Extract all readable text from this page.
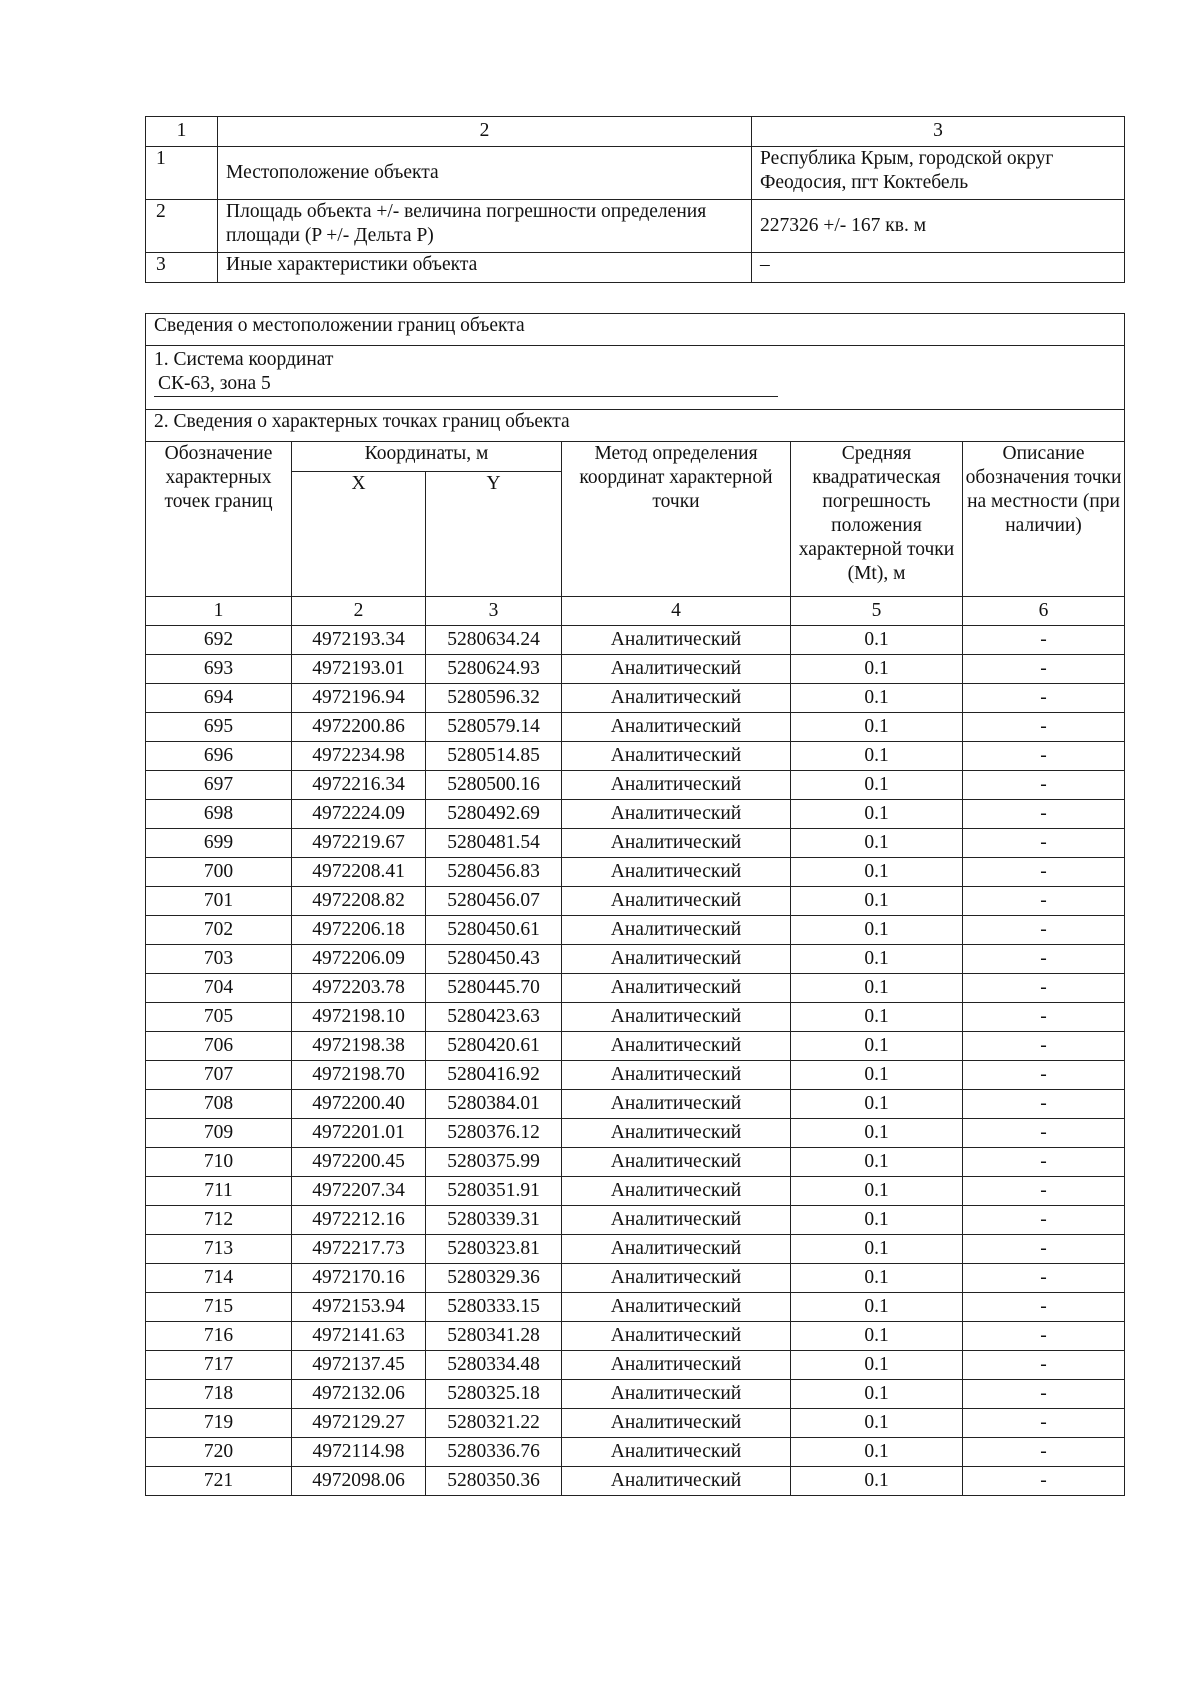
1	2	3
1	Местоположение объекта	Республика Крым, городской округ Феодосия, пгт Коктебель
2	Площадь объекта +/- величина погрешности определения площади (P +/- Дельта P)	227326 +/- 167 кв. м
3	Иные характеристики объекта	–
Сведения о местоположении границ объекта					
1. Система координатСК-63, зона 5					
2. Сведения о характерных точках границ объекта					
Обозначение характерных точек границ	Координаты, м		Метод определения координат характерной точки	Средняя квадратическая погрешность положения характерной точки (Mt), м	Описание обозначения точки на местности (при наличии)
	X	Y			
1	2	3	4	5	6
692	4972193.34	5280634.24	Аналитический	0.1	-
693	4972193.01	5280624.93	Аналитический	0.1	-
694	4972196.94	5280596.32	Аналитический	0.1	-
695	4972200.86	5280579.14	Аналитический	0.1	-
696	4972234.98	5280514.85	Аналитический	0.1	-
697	4972216.34	5280500.16	Аналитический	0.1	-
698	4972224.09	5280492.69	Аналитический	0.1	-
699	4972219.67	5280481.54	Аналитический	0.1	-
700	4972208.41	5280456.83	Аналитический	0.1	-
701	4972208.82	5280456.07	Аналитический	0.1	-
702	4972206.18	5280450.61	Аналитический	0.1	-
703	4972206.09	5280450.43	Аналитический	0.1	-
704	4972203.78	5280445.70	Аналитический	0.1	-
705	4972198.10	5280423.63	Аналитический	0.1	-
706	4972198.38	5280420.61	Аналитический	0.1	-
707	4972198.70	5280416.92	Аналитический	0.1	-
708	4972200.40	5280384.01	Аналитический	0.1	-
709	4972201.01	5280376.12	Аналитический	0.1	-
710	4972200.45	5280375.99	Аналитический	0.1	-
711	4972207.34	5280351.91	Аналитический	0.1	-
712	4972212.16	5280339.31	Аналитический	0.1	-
713	4972217.73	5280323.81	Аналитический	0.1	-
714	4972170.16	5280329.36	Аналитический	0.1	-
715	4972153.94	5280333.15	Аналитический	0.1	-
716	4972141.63	5280341.28	Аналитический	0.1	-
717	4972137.45	5280334.48	Аналитический	0.1	-
718	4972132.06	5280325.18	Аналитический	0.1	-
719	4972129.27	5280321.22	Аналитический	0.1	-
720	4972114.98	5280336.76	Аналитический	0.1	-
721	4972098.06	5280350.36	Аналитический	0.1	-
